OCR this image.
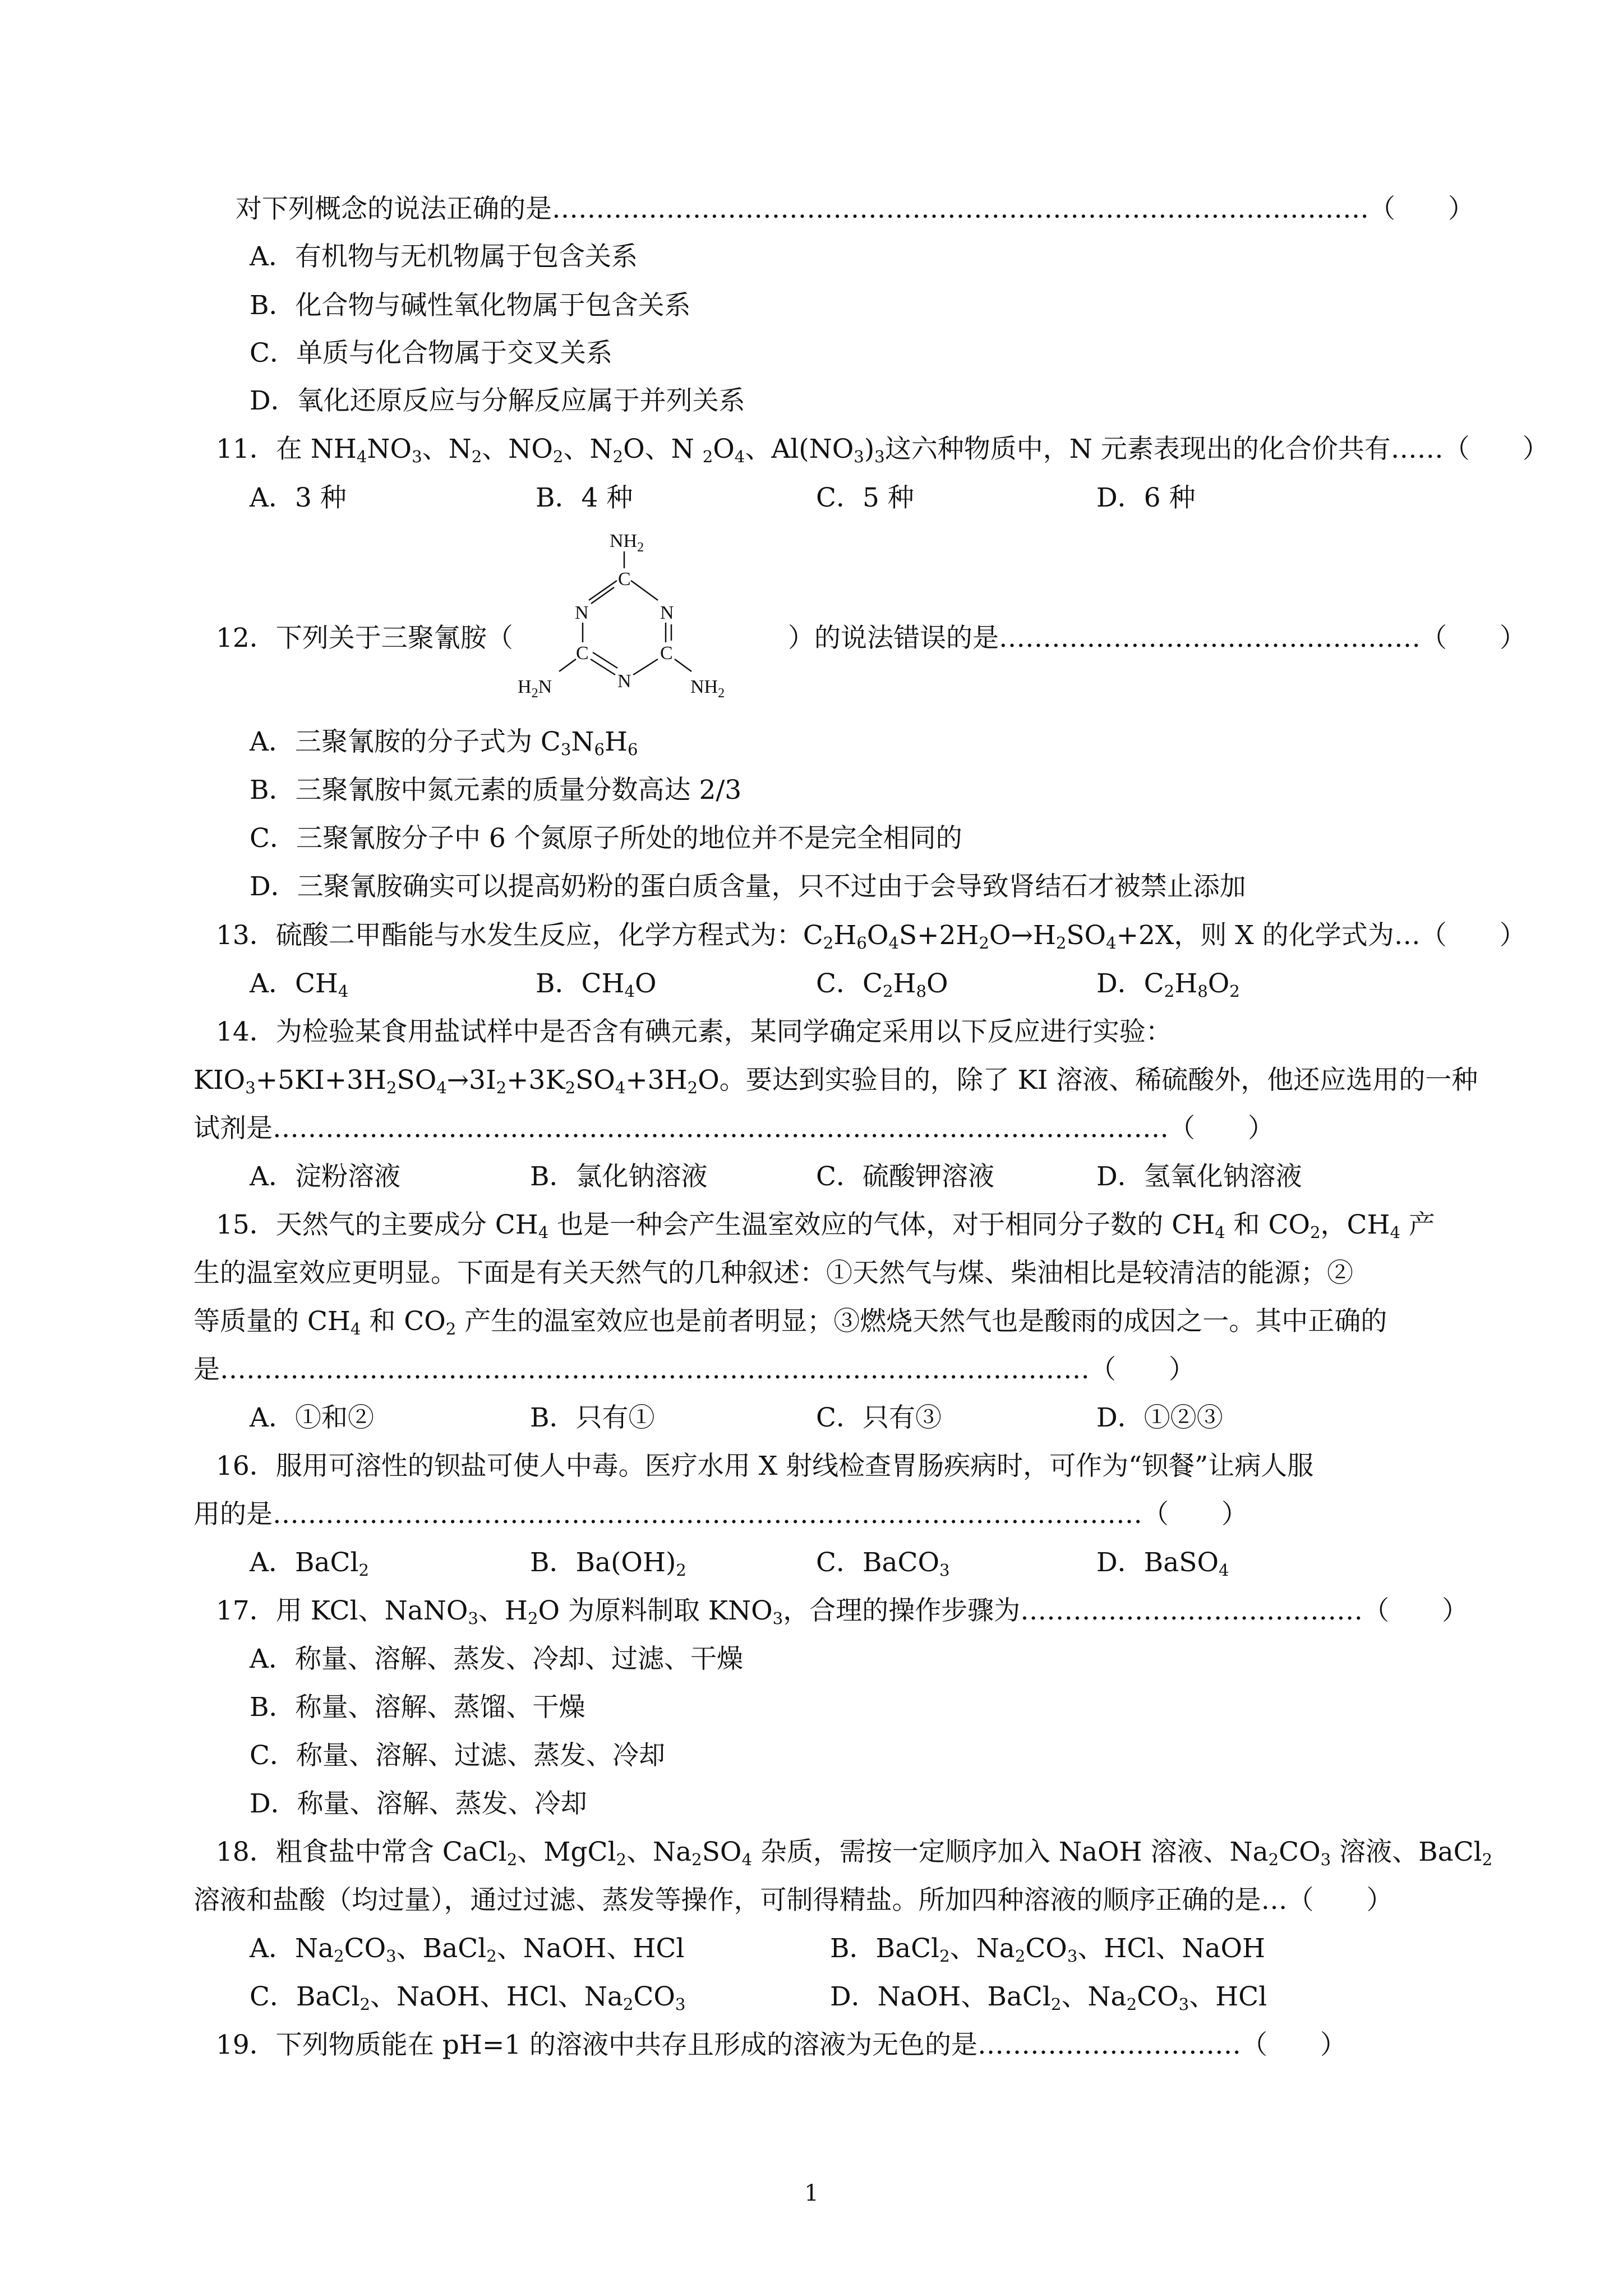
对下列概念的说法正确的是…………………………………………………………………………………（　　）
A．有机物与无机物属于包含关系
B．化合物与碱性氧化物属于包含关系
C．单质与化合物属于交叉关系
D．氧化还原反应与分解反应属于并列关系
11．在 $NH_4NO_3$、$N_2$、$NO_2$、$N_2O$、N $_2O_4$、$Al(NO_3)_3$这六种物质中，N 元素表现出的化合价共有……（　　）
A．3 种	B．4 种	C．5 种	D．6 种
12．下列关于三聚氰胺（	）的说法错误的是…………………………………………（　　）
$NH_2$
C
N	N
C	C
N
$H_2N$	$NH_2$
A．三聚氰胺的分子式为 $C_3N_6H_6$
B．三聚氰胺中氮元素的质量分数高达 2/3
C．三聚氰胺分子中 6 个氮原子所处的地位并不是完全相同的
D．三聚氰胺确实可以提高奶粉的蛋白质含量，只不过由于会导致肾结石才被禁止添加
13．硫酸二甲酯能与水发生反应，化学方程式为：$C_2H_6O_4S+2H_2O\to H_2SO_4+2X$，则 X 的化学式为…（　　）
A．$CH_4$	B．$CH_4O$	C．$C_2H_8O$	D．$C_2H_8O_2$
14．为检验某食用盐试样中是否含有碘元素，某同学确定采用以下反应进行实验：
$KIO_3+5KI+3H_2SO_4\to 3I_2+3K_2SO_4+3H_2O$。要达到实验目的，除了 KI 溶液、稀硫酸外，他还应选用的一种
试剂是…………………………………………………………………………………………（　　）
A．淀粉溶液	B．氯化钠溶液	C．硫酸钾溶液	D．氢氧化钠溶液
15．天然气的主要成分 $CH_4$ 也是一种会产生温室效应的气体，对于相同分子数的 $CH_4$ 和 $CO_2$，$CH_4$ 产
生的温室效应更明显。下面是有关天然气的几种叙述：①天然气与煤、柴油相比是较清洁的能源；②
等质量的 $CH_4$ 和 $CO_2$ 产生的温室效应也是前者明显；③燃烧天然气也是酸雨的成因之一。其中正确的
是………………………………………………………………………………………（　　）
A．①和②	B．只有①	C．只有③	D．①②③
16．服用可溶性的钡盐可使人中毒。医疗水用 X 射线检查胃肠疾病时，可作为“钡餐”让病人服
用的是………………………………………………………………………………………（　　）
A．BaCl$_2$	B．$Ba(OH)_2$	C．BaCO$_3$	D．BaSO$_4$
17．用 KCl、NaNO$_3$、$H_2O$ 为原料制取 $KNO_3$，合理的操作步骤为…………………………………（　　）
A．称量、溶解、蒸发、冷却、过滤、干燥
B．称量、溶解、蒸馏、干燥
C．称量、溶解、过滤、蒸发、冷却
D．称量、溶解、蒸发、冷却
18．粗食盐中常含 CaCl$_2$、MgCl$_2$、$Na_2SO_4$ 杂质，需按一定顺序加入 NaOH 溶液、$Na_2CO_3$ 溶液、BaCl$_2$
溶液和盐酸（均过量），通过过滤、蒸发等操作，可制得精盐。所加四种溶液的顺序正确的是…（　　）
A．$Na_2CO_3$、BaCl$_2$、NaOH、HCl	B．BaCl$_2$、$Na_2CO_3$、HCl、NaOH
C．BaCl$_2$、NaOH、HCl、$Na_2CO_3$	D．NaOH、BaCl$_2$、$Na_2CO_3$、HCl
19．下列物质能在 pH=1 的溶液中共存且形成的溶液为无色的是…………………………（　　）
1
